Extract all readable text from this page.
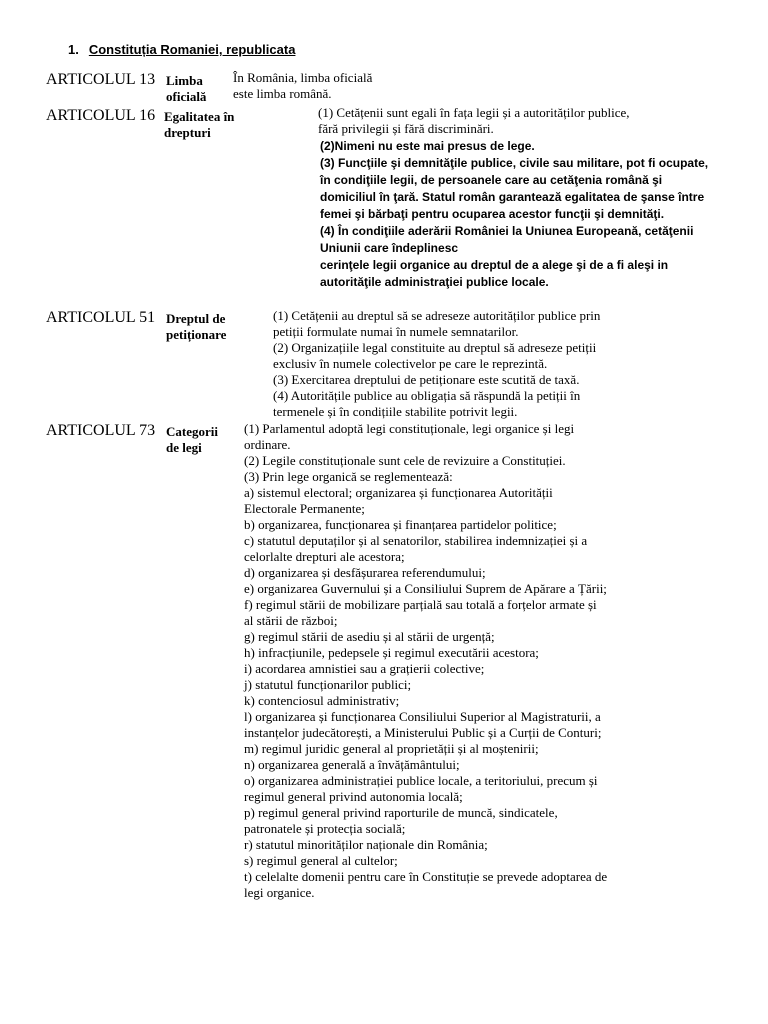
1. Constituția Romaniei, republicata
ARTICOLUL 13 Limba oficială
În România, limba oficială
este limba română.
ARTICOLUL 16 Egalitatea în drepturi
(1) Cetățenii sunt egali în fața legii și a autorităților publice,
fără privilegii și fără discriminări.
(2)Nimeni nu este mai presus de lege.
(3) Funcţiile şi demnităţile publice, civile sau militare, pot fi ocupate,
în condiţiile legii, de persoanele care au cetăţenia română şi
domiciliul în ţară. Statul român garantează egalitatea de şanse între
femei şi bărbaţi pentru ocuparea acestor funcţii şi demnităţi.
(4) În condiţiile aderării României la Uniunea Europeană, cetăţenii
Uniunii care îndeplinesc
cerinţele legii organice au dreptul de a alege şi de a fi aleşi in
autorităţile administraţiei publice locale.
ARTICOLUL 51 Dreptul de petiționare
(1) Cetățenii au dreptul să se adreseze autorităților publice prin
petiții formulate numai în numele semnatarilor.
(2) Organizațiile legal constituite au dreptul să adreseze petiții
exclusiv în numele colectivelor pe care le reprezintă.
(3) Exercitarea dreptului de petiționare este scutită de taxă.
(4) Autoritățile publice au obligația să răspundă la petiții în
termenele și în condițiile stabilite potrivit legii.
ARTICOLUL 73 Categorii de legi
(1) Parlamentul adoptă legi constituționale, legi organice și legi
ordinare.
(2) Legile constituționale sunt cele de revizuire a Constituției.
(3) Prin lege organică se reglementează:
a) sistemul electoral; organizarea și funcționarea Autorității
Electorale Permanente;
b) organizarea, funcționarea și finanțarea partidelor politice;
c) statutul deputaților și al senatorilor, stabilirea indemnizației și a
celorlalte drepturi ale acestora;
d) organizarea și desfășurarea referendumului;
e) organizarea Guvernului și a Consiliului Suprem de Apărare a Țării;
f) regimul stării de mobilizare parțială sau totală a forțelor armate și
al stării de război;
g) regimul stării de asediu și al stării de urgență;
h) infracțiunile, pedepsele și regimul executării acestora;
i) acordarea amnistiei sau a grațierii colective;
j) statutul funcționarilor publici;
k) contenciosul administrativ;
l) organizarea și funcționarea Consiliului Superior al Magistraturii, a
instanțelor judecătorești, a Ministerului Public și a Curții de Conturi;
m) regimul juridic general al proprietății și al moștenirii;
n) organizarea generală a învățământului;
o) organizarea administrației publice locale, a teritoriului, precum și
regimul general privind autonomia locală;
p) regimul general privind raporturile de muncă, sindicatele,
patronatele și protecția socială;
r) statutul minorităților naționale din România;
s) regimul general al cultelor;
t) celelalte domenii pentru care în Constituție se prevede adoptarea de
legi organice.
